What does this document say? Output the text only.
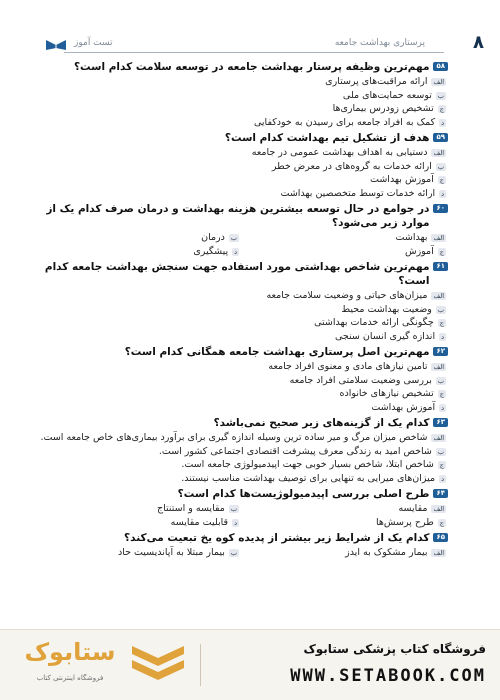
۸
پرستاری بهداشت جامعه
تست آموز
۵۸
مهم‌ترین وظیفه پرستار بهداشت جامعه در توسعه سلامت کدام است؟
الف
ارائه مراقبت‌های پرستاری
ب
توسعه حمایت‌های ملی
ج
تشخیص زودرس بیماری‌ها
د
کمک به افراد جامعه برای رسیدن به خودکفایی
۵۹
هدف از تشکیل تیم بهداشت کدام است؟
الف
دستیابی به اهداف بهداشت عمومی در جامعه
ب
ارائه خدمات به گروه‌های در معرض خطر
ج
آموزش بهداشت
د
ارائه خدمات توسط متخصصین بهداشت
۶۰
در جوامع در حال توسعه بیشترین هزینه بهداشت و درمان صرف کدام یک از موارد زیر می‌شود؟
الف
بهداشت
ب
درمان
ج
آموزش
د
پیشگیری
۶۱
مهم‌ترین شاخص بهداشتی مورد استفاده جهت سنجش بهداشت جامعه کدام است؟
الف
میزان‌های حیاتی و وضعیت سلامت جامعه
ب
وضعیت بهداشت محیط
ج
چگونگی ارائه خدمات بهداشتی
د
اندازه گیری انسان سنجی
۶۲
مهم‌ترین اصل پرستاری بهداشت جامعه همگانی کدام است؟
الف
تامین نیازهای مادی و معنوی افراد جامعه
ب
بررسی وضعیت سلامتی افراد جامعه
ج
تشخیص نیازهای خانواده
د
آموزش بهداشت
۶۳
کدام یک از گزینه‌های زیر صحیح نمی‌باشد؟
الف
شاخص میزان مرگ و میر ساده ترین وسیله اندازه گیری برای برآورد بیماری‌های خاص جامعه است.
ب
شاخص امید به زندگی معرف پیشرفت اقتصادی اجتماعی کشور است.
ج
شاخص ابتلا، شاخص بسیار خوبی جهت اپیدمیولوژی جامعه است.
د
میزان‌های میرایی به تنهایی برای توصیف بهداشت مناسب نیستند.
۶۴
طرح اصلی بررسی اپیدمیولوژیست‌ها کدام است؟
الف
مقایسه
ب
مقایسه و استنتاج
ج
طرح پرسش‌ها
د
قابلیت مقایسه
۶۵
کدام یک از شرایط زیر بیشتر از پدیده کوه یخ تبعیت می‌کند؟
الف
بیمار مشکوک به ایدز
ب
بیمار مبتلا به آپاندیسیت حاد
فروشگاه کتاب پزشکی ستابوک
WWW.SETABOOK.COM
ستابوک
فروشگاه اینترنتی کتاب
